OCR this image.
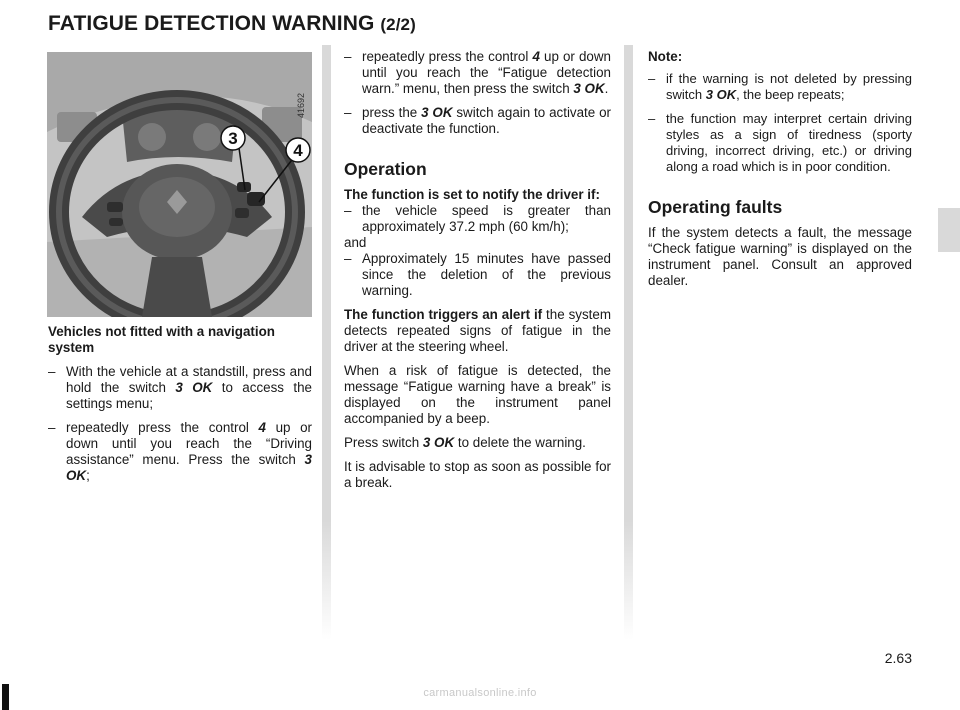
FATIGUE DETECTION WARNING (2/2)
3
4
41692

Vehicles not fitted with a navigation system

– With the vehicle at a standstill, press and hold the switch 3 OK to access the settings menu;

– repeatedly press the control 4 up or down until you reach the “Driving assistance” menu. Press the switch 3 OK;

– repeatedly press the control 4 up or down until you reach the “Fatigue detection warn.” menu, then press the switch 3 OK.

– press the 3 OK switch again to activate or deactivate the function.

Operation

The function is set to notify the driver if:

– the vehicle speed is greater than approximately 37.2 mph (60 km/h);

and

– Approximately 15 minutes have passed since the deletion of the previous warning.

The function triggers an alert if the system detects repeated signs of fatigue in the driver at the steering wheel.

When a risk of fatigue is detected, the message “Fatigue warning have a break” is displayed on the instrument panel accompanied by a beep.

Press switch 3 OK to delete the warning.

It is advisable to stop as soon as possible for a break.

Note:

– if the warning is not deleted by pressing switch 3 OK, the beep repeats;

– the function may interpret certain driving styles as a sign of tiredness (sporty driving, incorrect driving, etc.) or driving along a road which is in poor condition.

Operating faults

If the system detects a fault, the message “Check fatigue warning” is displayed on the instrument panel. Consult an approved dealer.

2.63
carmanualsonline.info
